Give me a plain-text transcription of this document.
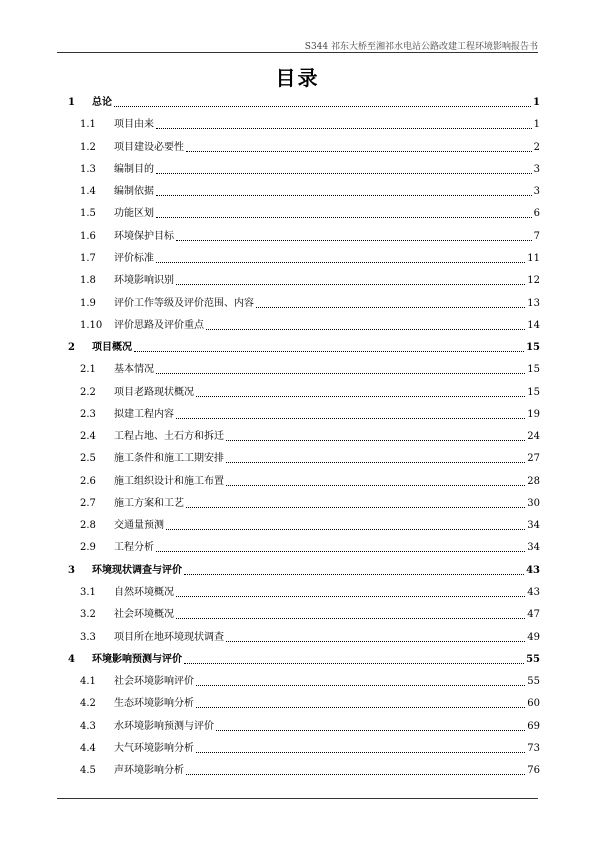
S344 祁东大桥至湘祁水电站公路改建工程环境影响报告书
目录
1	总论	1
1.1	项目由来	1
1.2	项目建设必要性	2
1.3	编制目的	3
1.4	编制依据	3
1.5	功能区划	6
1.6	环境保护目标	7
1.7	评价标准	11
1.8	环境影响识别	12
1.9	评价工作等级及评价范围、内容	13
1.10	评价思路及评价重点	14
2	项目概况	15
2.1	基本情况	15
2.2	项目老路现状概况	15
2.3	拟建工程内容	19
2.4	工程占地、土石方和拆迁	24
2.5	施工条件和施工工期安排	27
2.6	施工组织设计和施工布置	28
2.7	施工方案和工艺	30
2.8	交通量预测	34
2.9	工程分析	34
3	环境现状调查与评价	43
3.1	自然环境概况	43
3.2	社会环境概况	47
3.3	项目所在地环境现状调查	49
4	环境影响预测与评价	55
4.1	社会环境影响评价	55
4.2	生态环境影响分析	60
4.3	水环境影响预测与评价	69
4.4	大气环境影响分析	73
4.5	声环境影响分析	76
